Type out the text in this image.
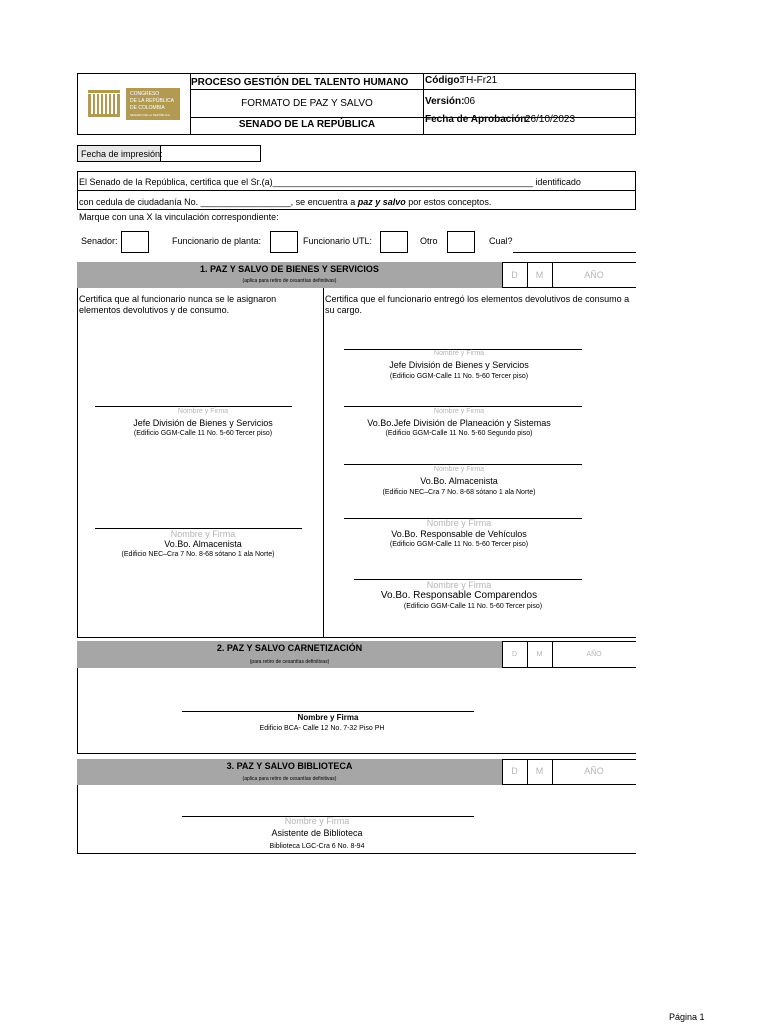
CONGRESO
DE LA REPÚBLICA
DE COLOMBIA
SENADO DE LA REPÚBLICA
PROCESO GESTIÓN DEL TALENTO HUMANO
FORMATO DE PAZ Y SALVO
SENADO DE LA REPÚBLICA
Código:
TH-Fr21
Versión: 06
Fecha de Aprobación:
26/10/2023
Fecha de impresión:
El Senado de la República, certifica que el Sr.(a)____________________________________________________ identificado
con cedula de ciudadanía No. __________________, se encuentra a paz y salvo por estos conceptos.
Marque con una X la vinculación correspondiente:
Senador:	Funcionario de planta:	Funcionario UTL:	Otro	Cual?
1. PAZ Y SALVO DE BIENES Y SERVICIOS
(aplica para retiro de cesantías definitivas)
D	M	AÑO
Certifica que al funcionario nunca se le asignaron elementos devolutivos y de consumo.
Certifica que el funcionario entregó los elementos devolutivos de consumo a su cargo.
Nombre y Firma
Jefe División de Bienes y Servicios
(Edificio GGM-Calle 11 No. 5-60 Tercer piso)
Nombre y Firma
Vo.Bo. Almacenista
(Edificio NEC–Cra 7 No. 8-68 sótano 1 ala Norte)
Nombre y Firma
Jefe División de Bienes y Servicios
(Edificio GGM-Calle 11 No. 5-60 Tercer piso)
Nombre y Firma
Vo.Bo.Jefe División de Planeación y Sistemas
(Edificio GGM-Calle 11 No. 5-60 Segundo piso)
Nombre y Firma
Vo.Bo. Almacenista
(Edificio NEC–Cra 7 No. 8-68 sótano 1 ala Norte)
Nombre y Firma
Vo.Bo. Responsable de Vehículos
(Edificio GGM-Calle 11 No. 5-60 Tercer piso)
Nombre y Firma
Vo.Bo. Responsable Comparendos
(Edificio GGM-Calle 11 No. 5-60 Tercer piso)
2. PAZ Y SALVO CARNETIZACIÓN
(para retiro de cesantías definitivas)
D	M	AÑO
Nombre y Firma
Edificio BCA- Calle 12 No. 7-32 Piso PH
3. PAZ Y SALVO BIBLIOTECA
(aplica para retiro de cesantías definitivas)
D	M	AÑO
Nombre y Firma
Asistente de Biblioteca
Biblioteca LGC-Cra 6 No. 8-94
Página 1
